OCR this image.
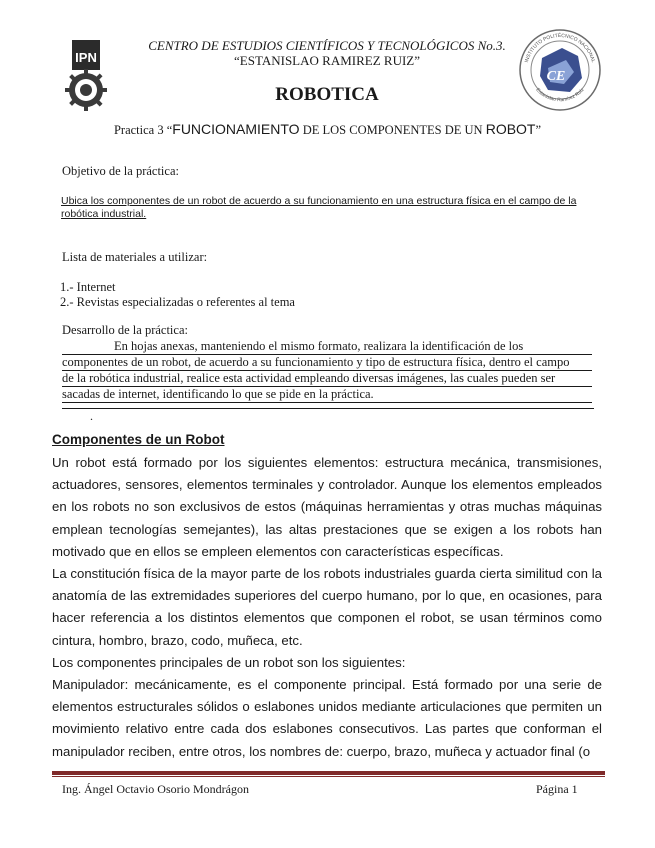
IPN
CE
INSTITUTO POLITÉCNICO NACIONAL
Estanislao Ramírez Ruiz
CENTRO DE ESTUDIOS CIENTÍFICOS Y TECNOLÓGICOS No.3.
“ESTANISLAO RAMIREZ RUIZ”
ROBOTICA
Practica 3 “FUNCIONAMIENTO DE LOS COMPONENTES DE UN ROBOT”
Objetivo de la práctica:
Ubica los componentes de un robot de acuerdo a su funcionamiento en una estructura física en el campo de la robótica industrial.
Lista de materiales a utilizar:
1.- Internet
2.- Revistas especializadas o referentes al tema
Desarrollo de la práctica:
En hojas anexas, manteniendo el mismo formato, realizara la identificación de los
componentes de un robot, de acuerdo a su funcionamiento y tipo de estructura física, dentro el campo
de la robótica industrial, realice esta actividad empleando diversas imágenes, las cuales pueden ser
sacadas de internet, identificando lo que se pide en la práctica.
.
Componentes de un Robot
Un robot está formado por los siguientes elementos: estructura mecánica, transmisiones, actuadores, sensores, elementos terminales y controlador. Aunque los elementos empleados en los robots no son exclusivos de estos (máquinas herramientas y otras muchas máquinas emplean tecnologías semejantes), las altas prestaciones que se exigen a los robots han motivado que en ellos se empleen elementos con características específicas.
La constitución física de la mayor parte de los robots industriales guarda cierta similitud con la anatomía de las extremidades superiores del cuerpo humano, por lo que, en ocasiones, para hacer referencia a los distintos elementos que componen el robot, se usan términos como cintura, hombro, brazo, codo, muñeca, etc.
Los componentes principales de un robot son los siguientes:
Manipulador: mecánicamente, es el componente principal. Está formado por una serie de elementos estructurales sólidos o eslabones unidos mediante articulaciones que permiten un movimiento relativo entre cada dos eslabones consecutivos. Las partes que conforman el manipulador reciben, entre otros, los nombres de: cuerpo, brazo, muñeca y actuador final (o
Ing. Ángel Octavio Osorio Mondrágon	Página 1
